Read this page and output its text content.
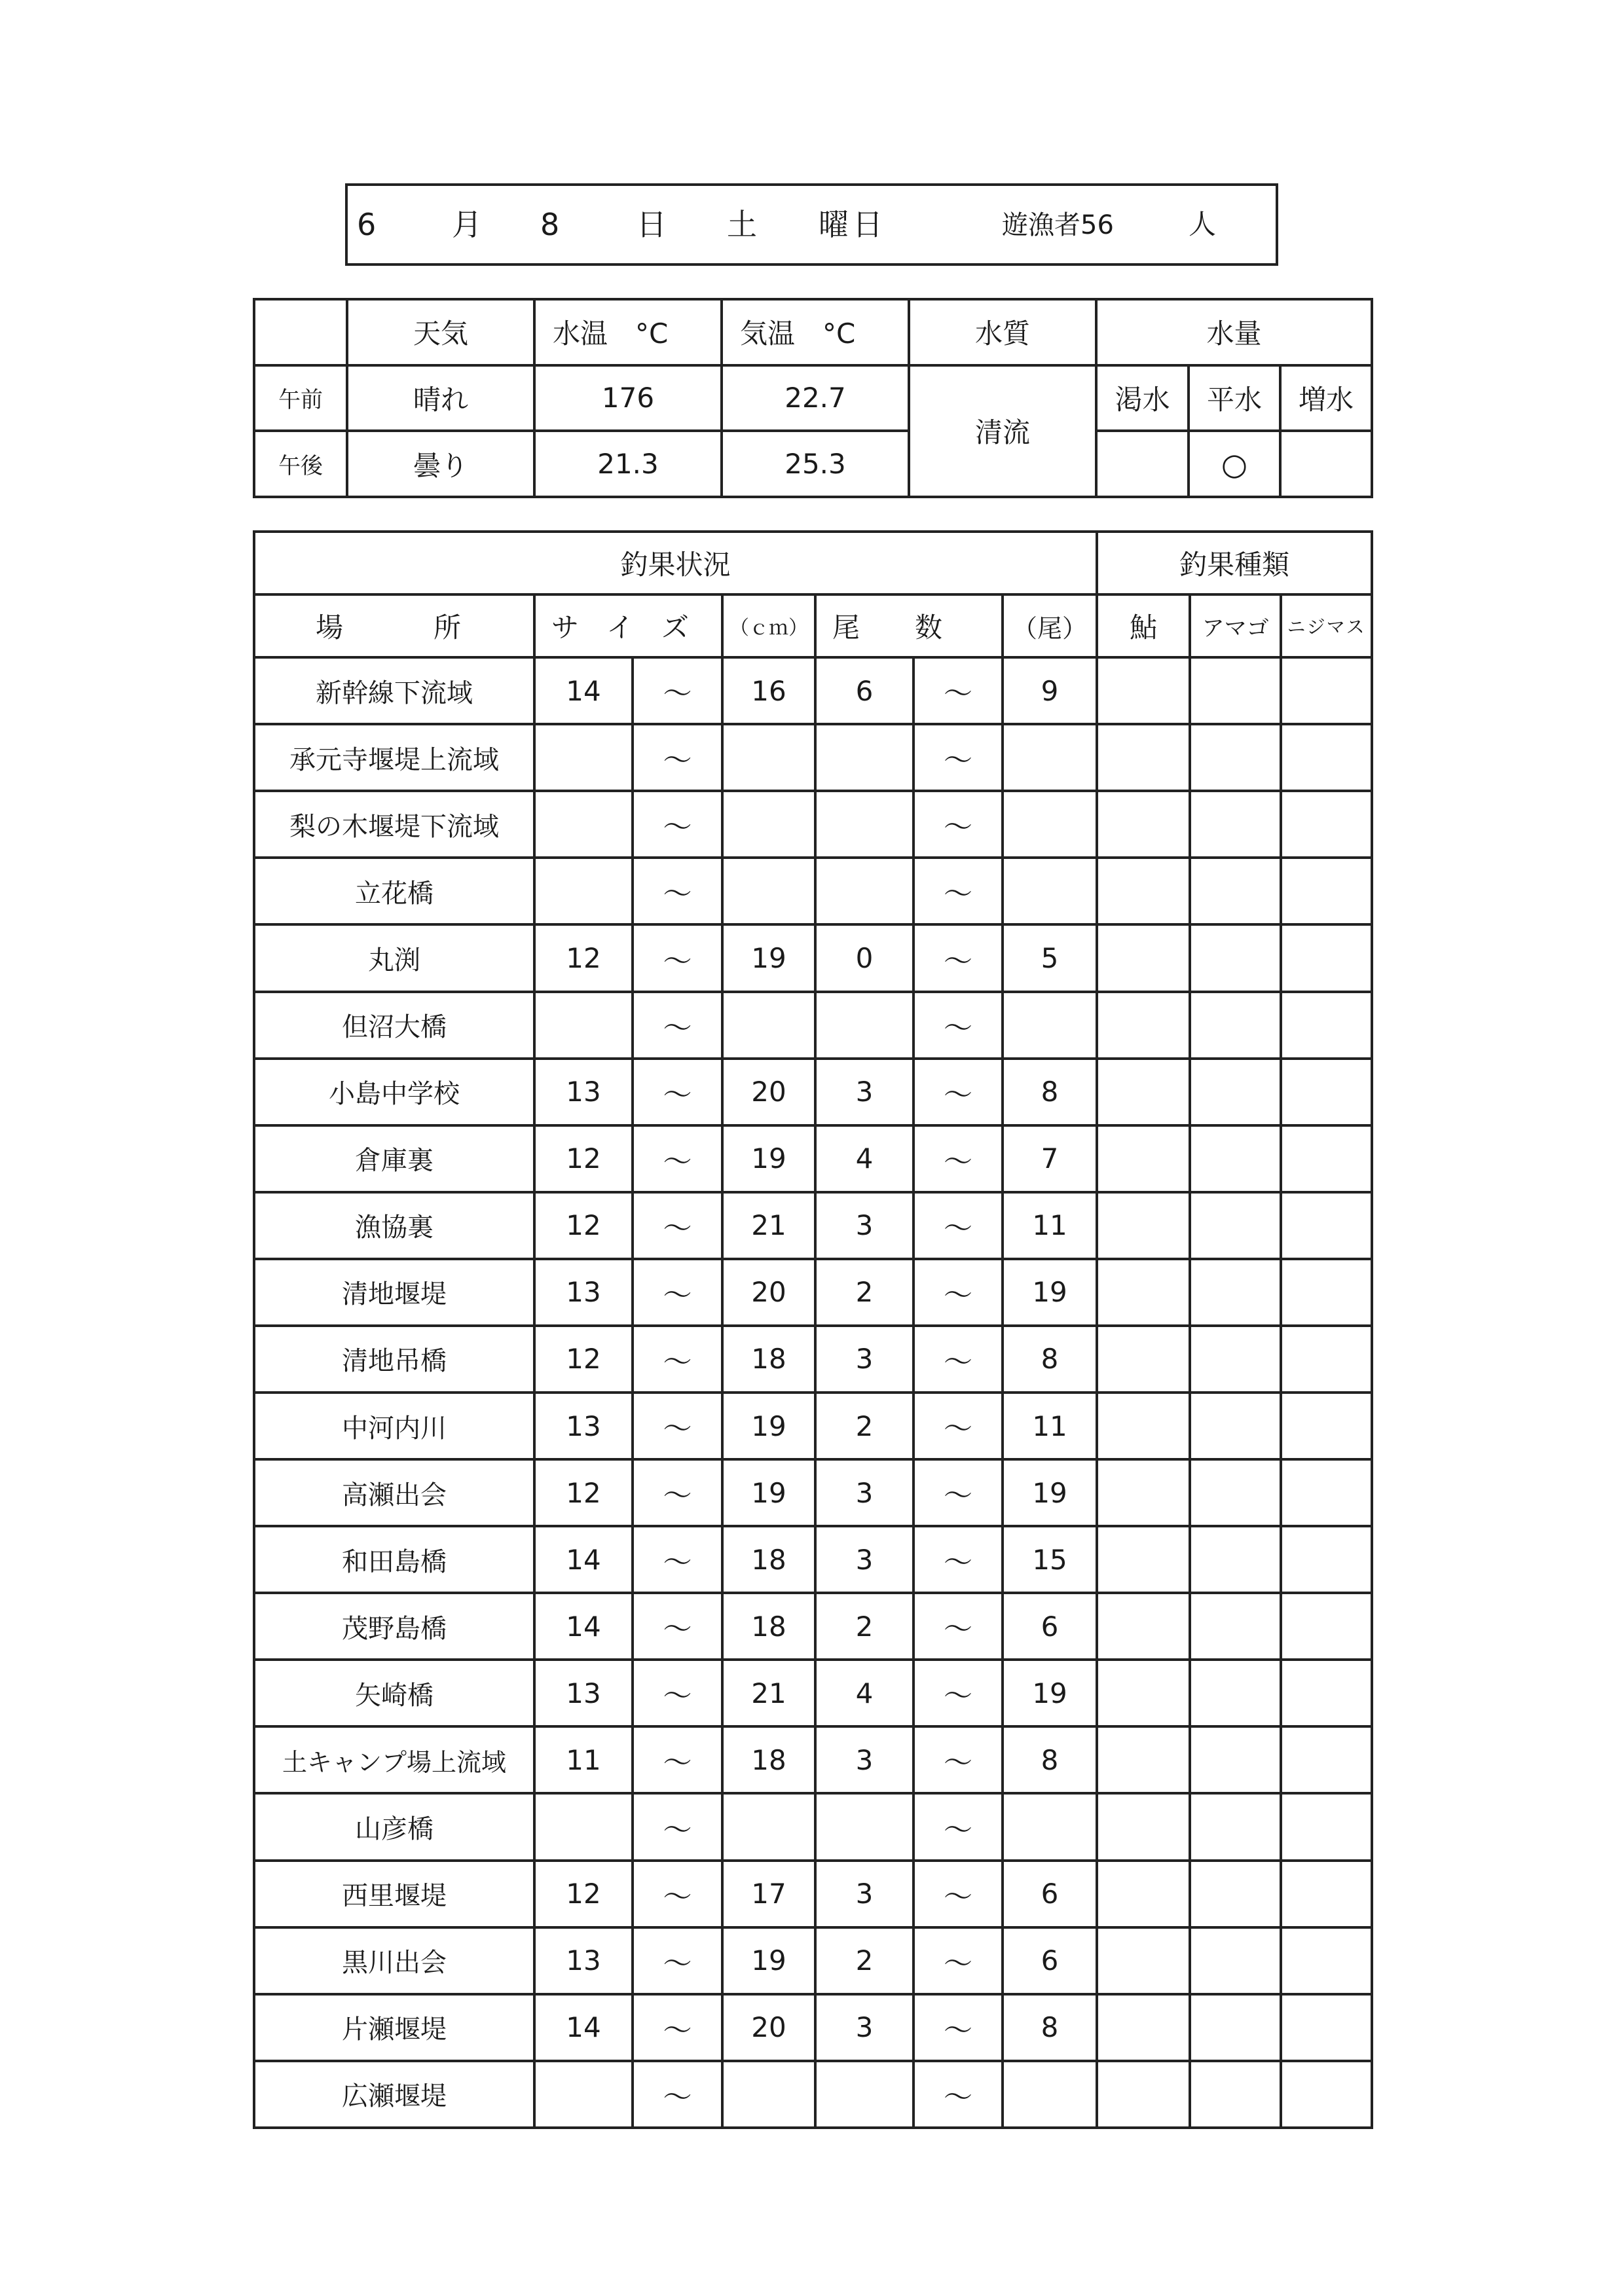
6	月 8	日 土 曜日	遊漁者56	人
	天気	水温　°C	気温　°C	水質	水量		
午前	晴れ	176	22.7	清流	渇水	平水	増水
午後	曇り	21.3	25.3			○	
釣果状況							釣果種類		
場　　所	サ　イ　ズ		（ｃｍ）	尾　　数		（尾）	鮎	アマゴ	ニジマス
新幹線下流域	14	〜	16	6	〜	9			
承元寺堰堤上流域		〜			〜				
梨の木堰堤下流域		〜			〜				
立花橋		〜			〜				
丸渕	12	〜	19	0	〜	5			
但沼大橋		〜			〜				
小島中学校	13	〜	20	3	〜	8			
倉庫裏	12	〜	19	4	〜	7			
漁協裏	12	〜	21	3	〜	11			
清地堰堤	13	〜	20	2	〜	19			
清地吊橋	12	〜	18	3	〜	8			
中河内川	13	〜	19	2	〜	11			
高瀬出会	12	〜	19	3	〜	19			
和田島橋	14	〜	18	3	〜	15			
茂野島橋	14	〜	18	2	〜	6			
矢崎橋	13	〜	21	4	〜	19			
土キャンプ場上流域	11	〜	18	3	〜	8			
山彦橋		〜			〜				
西里堰堤	12	〜	17	3	〜	6			
黒川出会	13	〜	19	2	〜	6			
片瀬堰堤	14	〜	20	3	〜	8			
広瀬堰堤		〜			〜				
